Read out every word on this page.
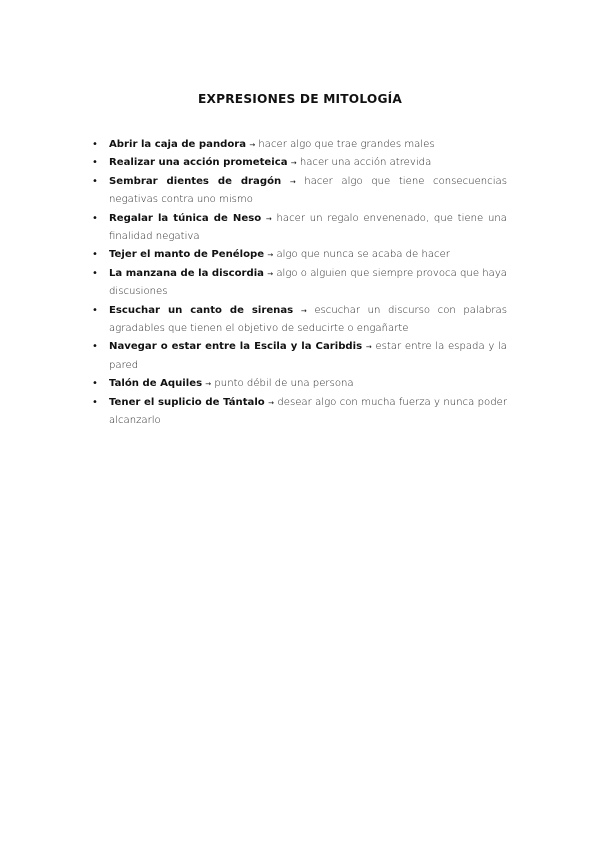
EXPRESIONES DE MITOLOGÍA
• Abrir la caja de pandora → hacer algo que trae grandes males
• Realizar una acción prometeica → hacer una acción atrevida
• Sembrar dientes de dragón → hacer algo que tiene consecuencias negativas contra uno mismo
• Regalar la túnica de Neso → hacer un regalo envenenado, que tiene una finalidad negativa
• Tejer el manto de Penélope → algo que nunca se acaba de hacer
• La manzana de la discordia → algo o alguien que siempre provoca que haya discusiones
• Escuchar un canto de sirenas → escuchar un discurso con palabras agradables que tienen el objetivo de seducirte o engañarte
• Navegar o estar entre la Escila y la Caribdis → estar entre la espada y la pared
• Talón de Aquiles → punto débil de una persona
• Tener el suplicio de Tántalo → desear algo con mucha fuerza y nunca poder alcanzarlo
